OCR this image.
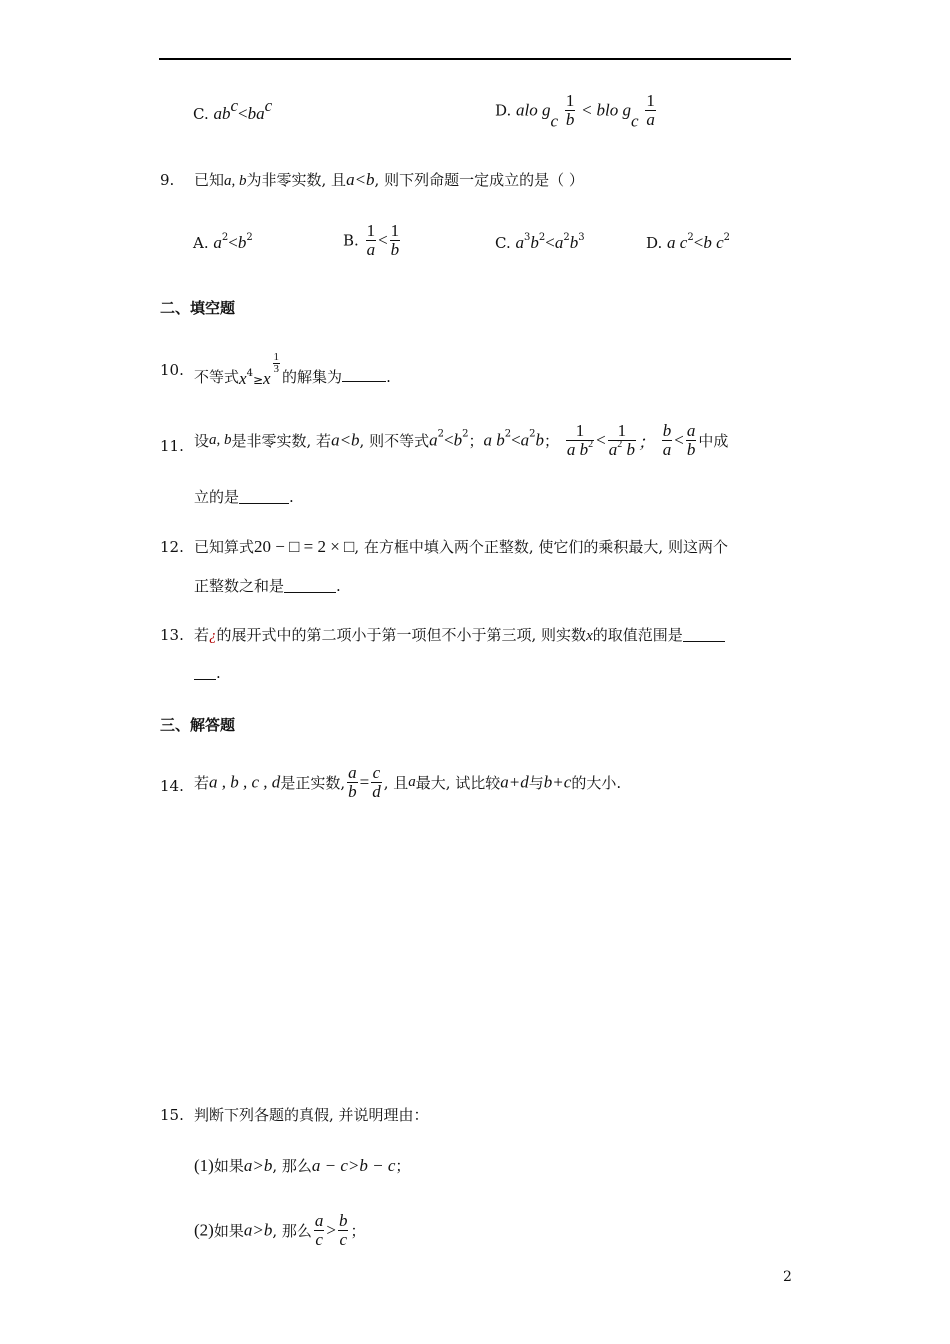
C. $ab^c<ba^c$	D. alo $g_c \frac{1}{b}$ < blo $g_c \frac{1}{a}$
9. 已知a, b为非零实数, 且a<b, 则下列命题一定成立的是（ ）
A. $a^2<b^2$	B. $\frac{1}{a} < \frac{1}{b}$	C. $a^3b^2<a^2b^3$	D. a $c^2<b$ $c^2$
二、填空题
10. 不等式$x^4_\ge x$
$\frac{1}{3}$
的解集为	.
11. 设a, b是非零实数, 若a<b, 则不等式$a^2<b^2$；a $b^2<a^2b$； $\frac{1}{a b^2} < \frac{1}{a^2 b}$ ； $\frac{b}{a} < \frac{a}{b}$ 中成
立的是	.
12. 已知算式20 − □ = 2 × □, 在方框中填入两个正整数, 使它们的乘积最大, 则这两个
正整数之和是	.
13. 若¿的展开式中的第二项小于第一项但不小于第三项, 则实数x的取值范围是
.
三、解答题
14. 若a , b , c , d是正实数, $\frac{a}{b} = \frac{c}{d}$ , 且a最大, 试比较a+d与b+c的大小.
15. 判断下列各题的真假, 并说明理由：
(1)如果a>b, 那么a − c>b − c；
(2)如果a>b, 那么 $\frac{a}{c} > \frac{b}{c}$ ；
2
